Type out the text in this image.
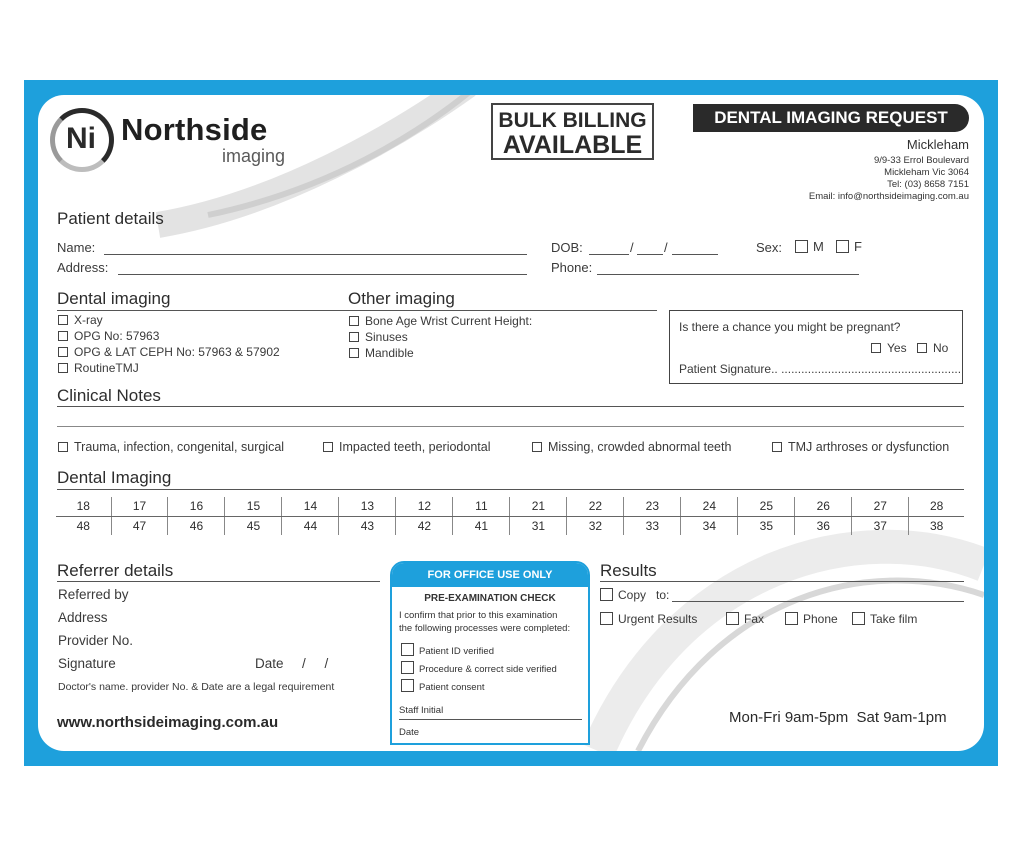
Ni Northside
imaging
BULK BILLING
AVAILABLE
DENTAL IMAGING REQUEST
Mickleham
9/9-33 Errol Boulevard
Mickleham Vic 3064
Tel: (03) 8658 7151
Email: info@northsideimaging.com.au
Patient details
Name:
Address:
DOB:	/ /	Sex:	M	F
Phone:
Dental imaging
X-ray
OPG No: 57963
OPG & LAT CEPH No: 57963 & 57902
RoutineTMJ
Other imaging
Bone Age Wrist Current Height:
Sinuses
Mandible
Is there a chance you might be pregnant?
Yes	No
Patient Signature.. ......................................................
Clinical Notes
Trauma, infection, congenital, surgical	Impacted teeth, periodontal	Missing, crowded abnormal teeth	TMJ arthroses or dysfunction
Dental Imaging
18	17	16	15	14	13	12	11	21	22	23	24	25	26	27	28
48	47	46	45	44	43	42	41	31	32	33	34	35	36	37	38
Referrer details
Referred by
Address
Provider No.
Signature	Date /     /
Doctor's name. provider No. & Date are a legal requirement
www.northsideimaging.com.au
FOR OFFICE USE ONLY
PRE-EXAMINATION CHECK
I confirm that prior to this examination
the following processes were completed:
Patient ID verified
Procedure & correct side verified
Patient consent
Staff Initial
Date
Results
Copy   to:
Urgent Results	Fax	Phone	Take film
Mon-Fri 9am-5pm  Sat 9am-1pm
